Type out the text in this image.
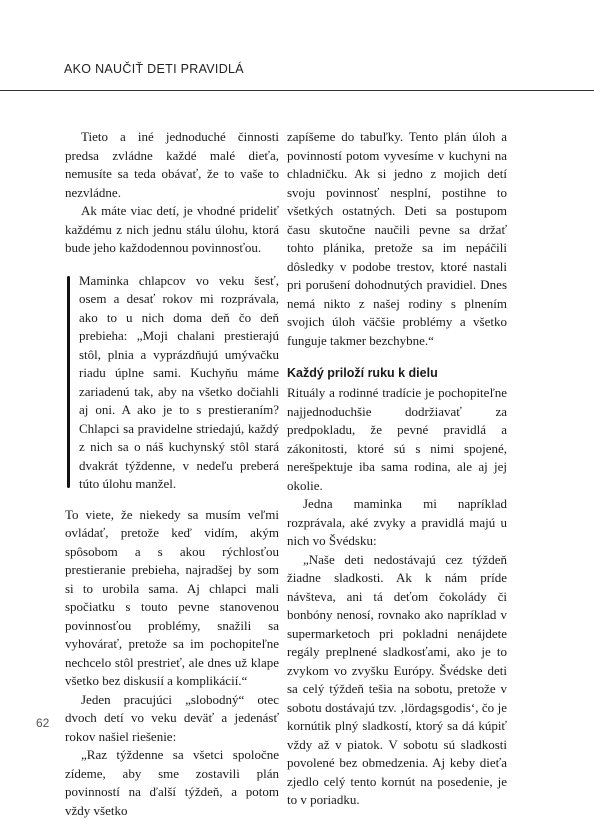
AKO NAUČIŤ DETI PRAVIDLÁ

Tieto a iné jednoduché činnosti predsa zvládne každé malé dieťa, nemusíte sa teda obávať, že to vaše to nezvládne.

Ak máte viac detí, je vhodné prideliť každému z nich jednu stálu úlohu, ktorá bude jeho každodennou povinnosťou.

Maminka chlapcov vo veku šesť, osem a desať rokov mi rozprávala, ako to u nich doma deň čo deň prebieha: „Moji chalani prestierajú stôl, plnia a vyprázdňujú umývačku riadu úplne sami. Kuchyňu máme zariadenú tak, aby na všetko dočiahli aj oni. A ako je to s prestieraním? Chlapci sa pravidelne striedajú, každý z nich sa o náš kuchynský stôl stará dvakrát týždenne, v nedeľu preberá túto úlohu manžel.

To viete, že niekedy sa musím veľmi ovládať, pretože keď vidím, akým spôsobom a s akou rýchlosťou prestieranie prebieha, najradšej by som si to urobila sama. Aj chlapci mali spočiatku s touto pevne stanovenou povinnosťou problémy, snažili sa vyhovárať, pretože sa im pochopiteľne nechcelo stôl prestrieť, ale dnes už klape všetko bez diskusií a komplikácií.“

Jeden pracujúci „slobodný“ otec dvoch detí vo veku deväť a jedenásť rokov našiel riešenie:

„Raz týždenne sa všetci spoločne zídeme, aby sme zostavili plán povinností na ďalší týždeň, a potom vždy všetko

zapíšeme do tabuľky. Tento plán úloh a povinností potom vyvesíme v kuchyni na chladničku. Ak si jedno z mojich detí svoju povinnosť nesplní, postihne to všetkých ostatných. Deti sa postupom času skutočne naučili pevne sa držať tohto plánika, pretože sa im nepáčili dôsledky v podobe trestov, ktoré nastali pri porušení dohodnutých pravidiel. Dnes nemá nikto z našej rodiny s plnením svojich úloh väčšie problémy a všetko funguje takmer bezchybne.“

Každý priloží ruku k dielu

Rituály a rodinné tradície je pochopiteľne najjednoduchšie dodržiavať za predpokladu, že pevné pravidlá a zákonitosti, ktoré sú s nimi spojené, nerešpektuje iba sama rodina, ale aj jej okolie.

Jedna maminka mi napríklad rozprávala, aké zvyky a pravidlá majú u nich vo Švédsku:

„Naše deti nedostávajú cez týždeň žiadne sladkosti. Ak k nám príde návšteva, ani tá deťom čokolády či bonbóny nenosí, rovnako ako napríklad v supermarketoch pri pokladni nenájdete regály preplnené sladkosťami, ako je to zvykom vo zvyšku Európy. Švédske deti sa celý týždeň tešia na sobotu, pretože v sobotu dostávajú tzv. ‚lördagsgodis‘, čo je kornútik plný sladkostí, ktorý sa dá kúpiť vždy až v piatok. V sobotu sú sladkosti povolené bez obmedzenia. Aj keby dieťa zjedlo celý tento kornút na posedenie, je to v poriadku.

62
